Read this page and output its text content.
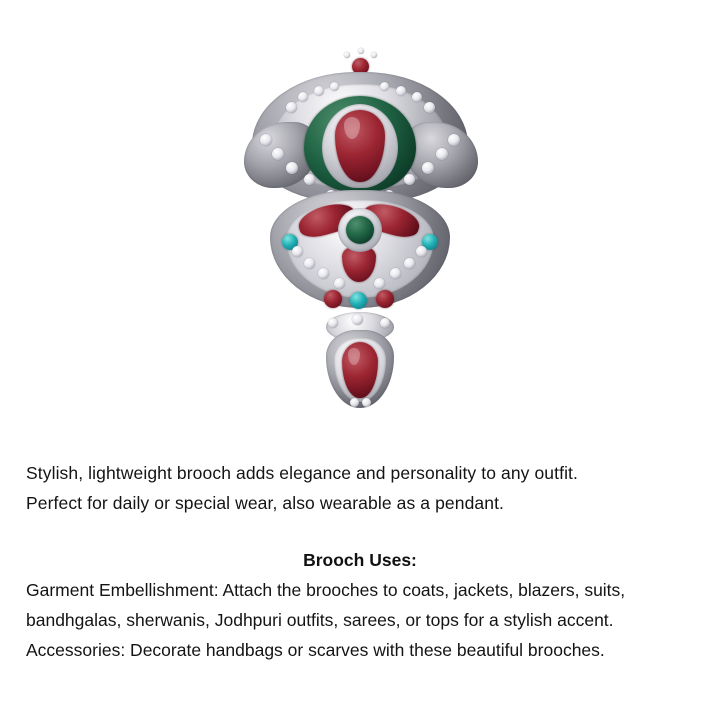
Stylish, lightweight brooch adds elegance and personality to any outfit.
Perfect for daily or special wear, also wearable as a pendant.
Brooch Uses:
Garment Embellishment: Attach the brooches to coats, jackets, blazers, suits,
bandhgalas, sherwanis, Jodhpuri outfits, sarees, or tops for a stylish accent.
Accessories: Decorate handbags or scarves with these beautiful brooches.
